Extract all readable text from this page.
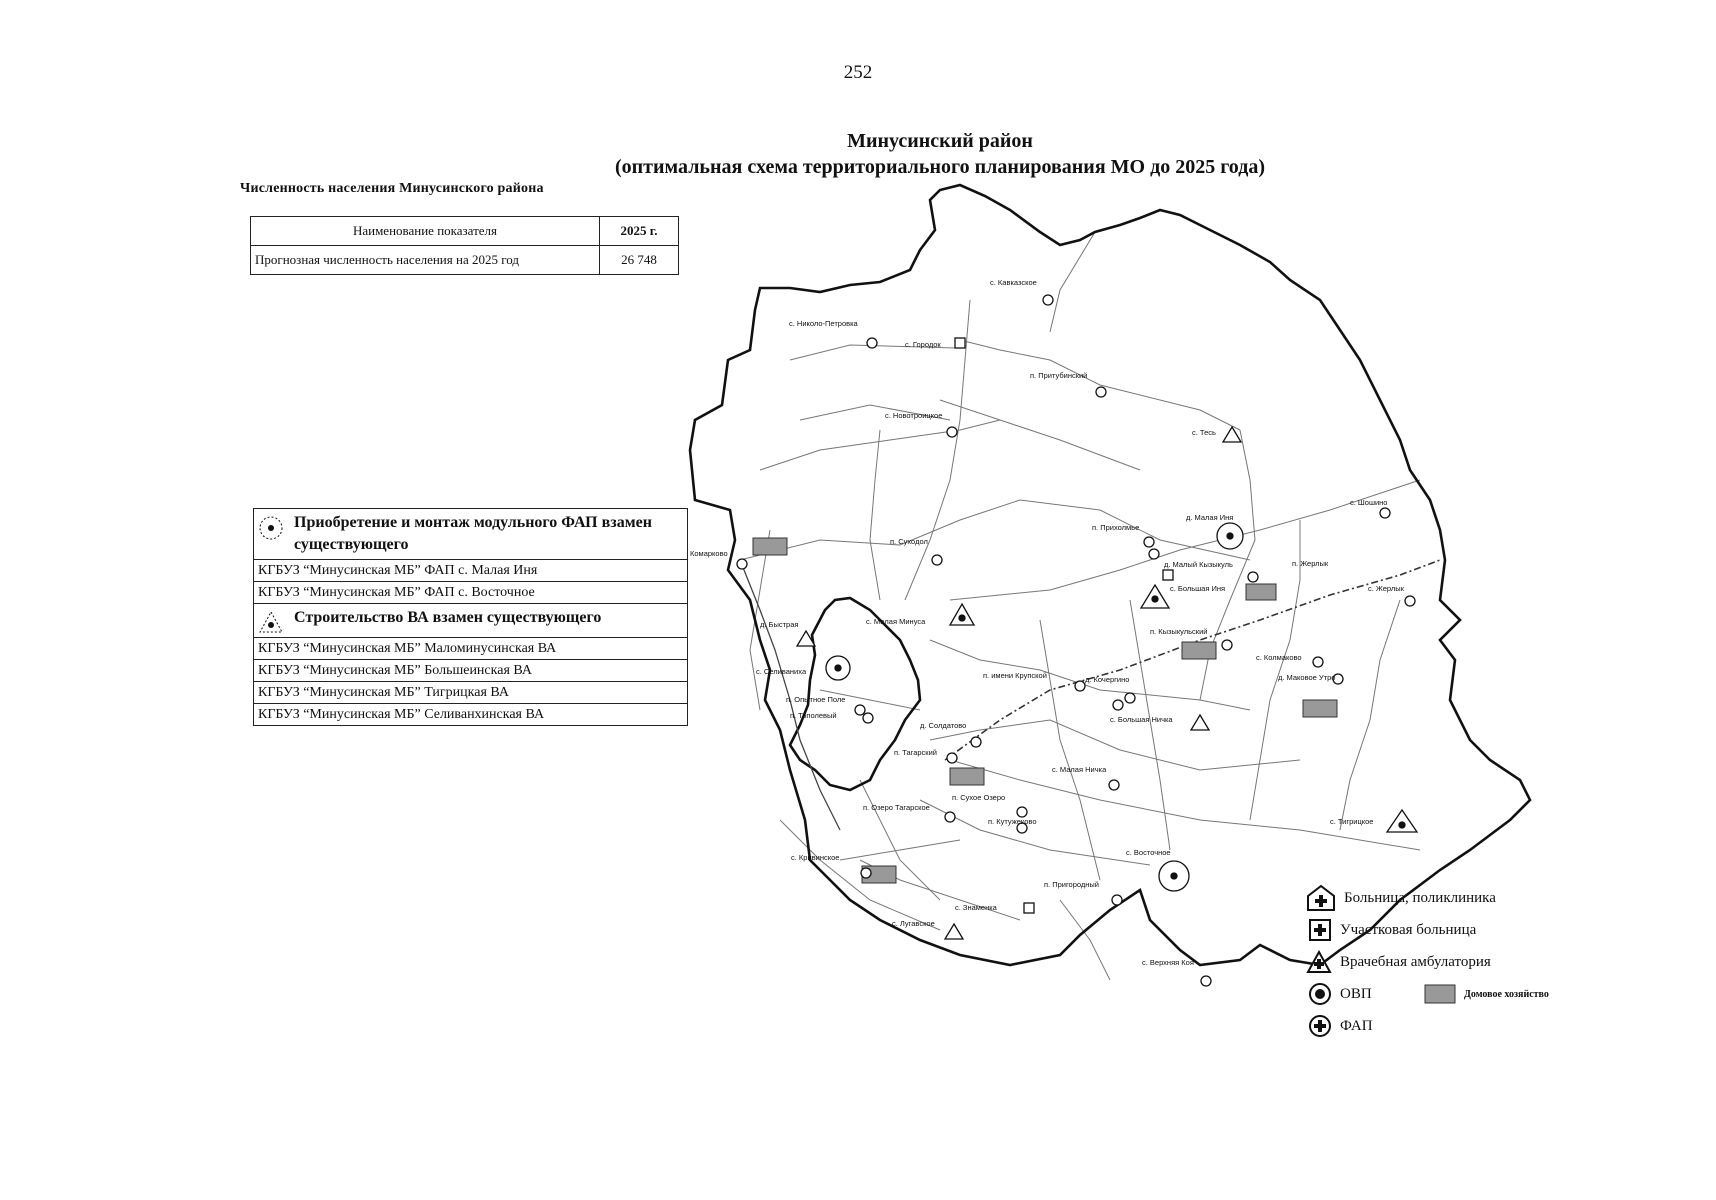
252
Минусинский район
(оптимальная схема территориального планирования МО до 2025 года)
Численность населения Минусинского района
Наименование показателя	2025 г.
Прогнозная численность населения на 2025 год	26 748
с. Кавказское
с. Николо-Петровка
с. Городок
п. Притубинский
с. Новотроицкое
с. Тесь
с. Шошино
д. Малая Иня
п. Прихолмье
п. Жерлык
д. Малый Кызыкуль
с. Большая Иня	с. Жерлык
п. Суходол
Комарково
с. Малая Минуса
д. Быстрая
п. Кызыкульский
с. Колмаково
с. Селиванихa
д. Маковое Утро
п. имени Крупской	д. Кочергино
п. Опытное Поле
п. Тополевый	с. Большая Ничка
д. Солдатово
п. Тагарский
с. Малая Ничка
п. Сухое Озеро
п. Озеро Тагарское
п. Кутужеково	с. Тигрицкое
с. Кривинское
с. Восточное
п. Пригородный
с. Знаменка
с. Лугавское
с. Верхняя Коя
Приобретение и монтаж модульного ФАП взамен существующего
КГБУЗ “Минусинская МБ” ФАП с. Малая Иня
КГБУЗ “Минусинская МБ” ФАП с. Восточное
Строительство ВА взамен существующего
КГБУЗ “Минусинская МБ” Маломинусинская ВА
КГБУЗ “Минусинская МБ” Большеинская ВА
КГБУЗ “Минусинская МБ” Тигрицкая ВА
КГБУЗ “Минусинская МБ” Селиванхинская ВА
Больница, поликлиника
Участковая больница
Врачебная амбулатория
ОВП	Домовое хозяйство
ФАП
